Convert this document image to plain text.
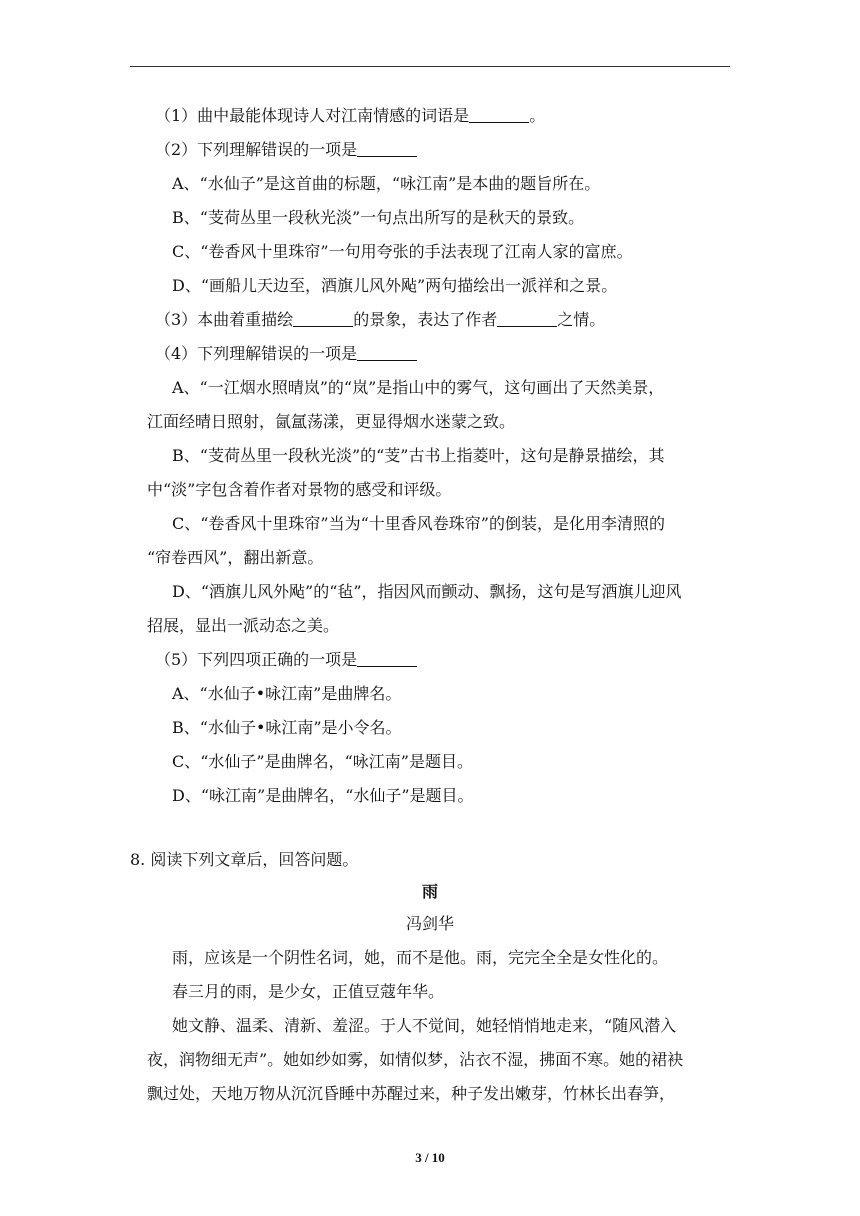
（1）曲中最能体现诗人对江南情感的词语是	。
（2）下列理解错误的一项是
A、“水仙子”是这首曲的标题，“咏江南”是本曲的题旨所在。
B、“芰荷丛里一段秋光淡”一句点出所写的是秋天的景致。
C、“卷香风十里珠帘”一句用夸张的手法表现了江南人家的富庶。
D、“画船儿天边至，酒旗儿风外飐”两句描绘出一派祥和之景。
（3）本曲着重描绘	的景象，表达了作者	之情。
（4）下列理解错误的一项是
A、“一江烟水照晴岚”的“岚”是指山中的雾气，这句画出了天然美景，
江面经晴日照射，氤氲荡漾，更显得烟水迷蒙之致。
B、“芰荷丛里一段秋光淡”的“芰”古书上指菱叶，这句是静景描绘，其
中“淡”字包含着作者对景物的感受和评级。
C、“卷香风十里珠帘”当为“十里香风卷珠帘”的倒装，是化用李清照的
“帘卷西风”，翻出新意。
D、“酒旗儿风外飐”的“毡”，指因风而颤动、飘扬，这句是写酒旗儿迎风
招展，显出一派动态之美。
（5）下列四项正确的一项是
A、“水仙子•咏江南”是曲牌名。
B、“水仙子•咏江南”是小令名。
C、“水仙子”是曲牌名，“咏江南”是题目。
D、“咏江南”是曲牌名，“水仙子”是题目。
8. 阅读下列文章后，回答问题。
雨
冯剑华
雨，应该是一个阴性名词，她，而不是他。雨，完完全全是女性化的。
春三月的雨，是少女，正值豆蔻年华。
她文静、温柔、清新、羞涩。于人不觉间，她轻悄悄地走来，“随风潜入
夜，润物细无声”。她如纱如雾，如情似梦，沾衣不湿，拂面不寒。她的裙袂
飘过处，天地万物从沉沉昏睡中苏醒过来，种子发出嫩芽，竹林长出春笋，
3 / 10
